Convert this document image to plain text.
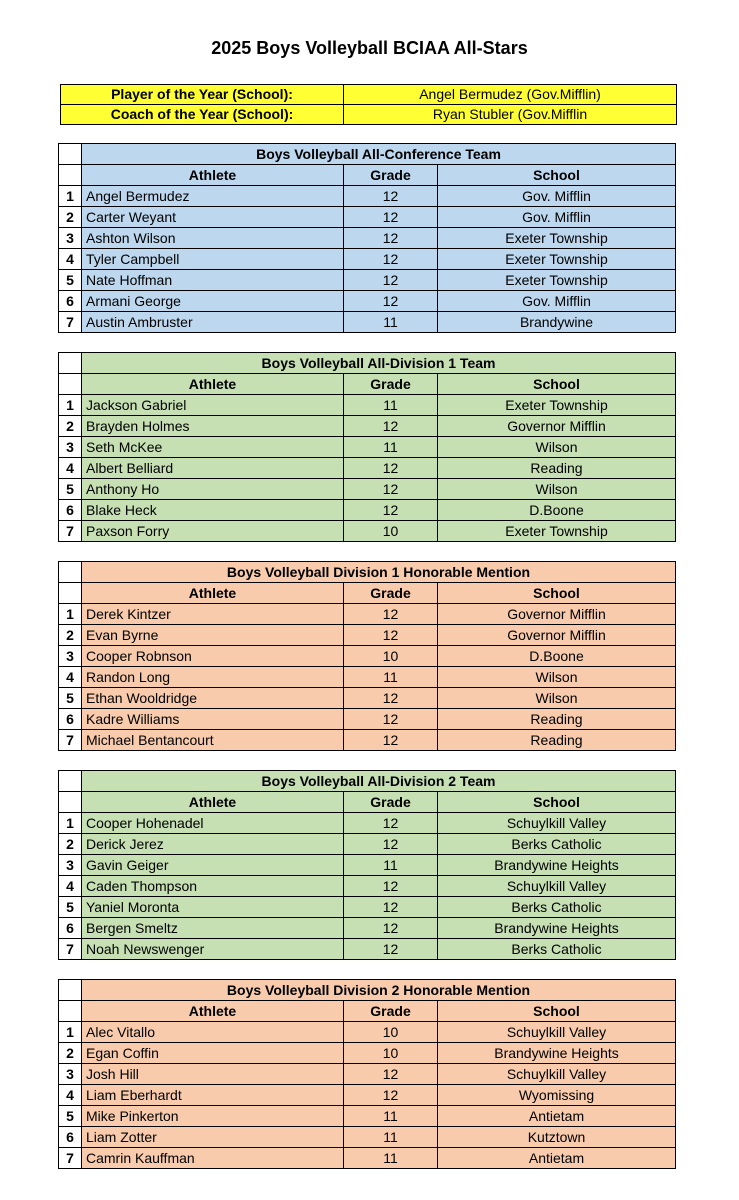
2025 Boys Volleyball BCIAA All-Stars
Player of the Year (School):	Angel Bermudez (Gov.Mifflin)
Coach of the Year (School):	Ryan Stubler (Gov.Mifflin
	Boys Volleyball All-Conference Team		
	Athlete	Grade	School
1	Angel Bermudez	12	Gov. Mifflin
2	Carter Weyant	12	Gov. Mifflin
3	Ashton Wilson	12	Exeter Township
4	Tyler Campbell	12	Exeter Township
5	Nate Hoffman	12	Exeter Township
6	Armani George	12	Gov. Mifflin
7	Austin Ambruster	11	Brandywine
	Boys Volleyball All-Division 1 Team		
	Athlete	Grade	School
1	Jackson Gabriel	11	Exeter Township
2	Brayden Holmes	12	Governor Mifflin
3	Seth McKee	11	Wilson
4	Albert Belliard	12	Reading
5	Anthony Ho	12	Wilson
6	Blake Heck	12	D.Boone
7	Paxson Forry	10	Exeter Township
	Boys Volleyball Division 1 Honorable Mention		
	Athlete	Grade	School
1	Derek Kintzer	12	Governor Mifflin
2	Evan Byrne	12	Governor Mifflin
3	Cooper Robnson	10	D.Boone
4	Randon Long	11	Wilson
5	Ethan Wooldridge	12	Wilson
6	Kadre Williams	12	Reading
7	Michael Bentancourt	12	Reading
	Boys Volleyball All-Division 2 Team		
	Athlete	Grade	School
1	Cooper Hohenadel	12	Schuylkill Valley
2	Derick Jerez	12	Berks Catholic
3	Gavin Geiger	11	Brandywine Heights
4	Caden Thompson	12	Schuylkill Valley
5	Yaniel Moronta	12	Berks Catholic
6	Bergen Smeltz	12	Brandywine Heights
7	Noah Newswenger	12	Berks Catholic
	Boys Volleyball Division 2 Honorable Mention		
	Athlete	Grade	School
1	Alec Vitallo	10	Schuylkill Valley
2	Egan Coffin	10	Brandywine Heights
3	Josh Hill	12	Schuylkill Valley
4	Liam Eberhardt	12	Wyomissing
5	Mike Pinkerton	11	Antietam
6	Liam Zotter	11	Kutztown
7	Camrin Kauffman	11	Antietam
